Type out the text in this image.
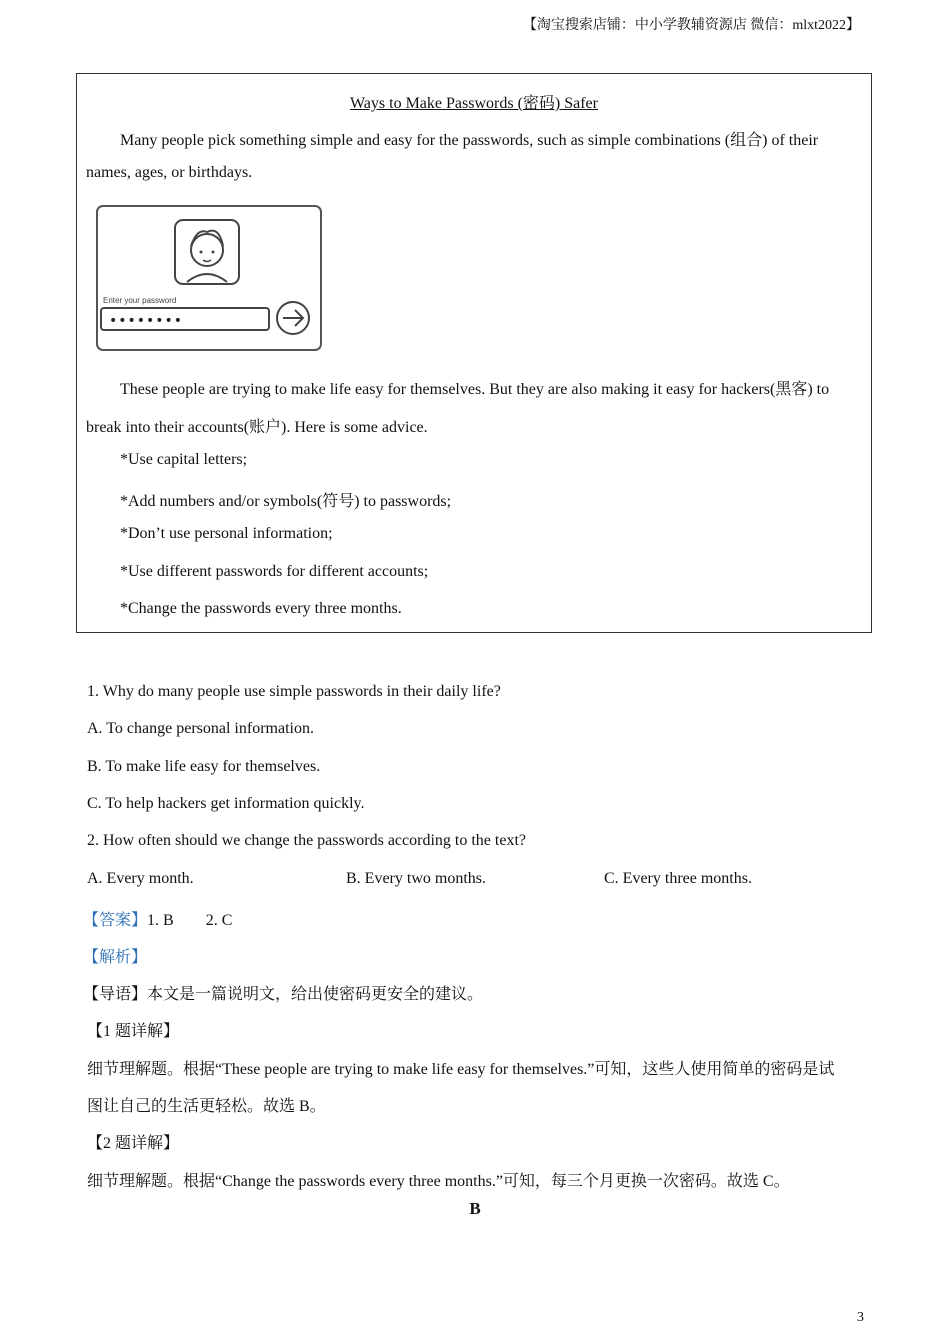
【淘宝搜索店铺：中小学教辅资源店 微信：mlxt2022】
Ways to Make Passwords (密码) Safer
Many people pick something simple and easy for the passwords, such as simple combinations (组合) of their
names, ages, or birthdays.
Enter your password
••••••••
These people are trying to make life easy for themselves. But they are also making it easy for hackers(黑客) to
break into their accounts(账户). Here is some advice.
*Use capital letters;
*Add numbers and/or symbols(符号) to passwords;
*Don’t use personal information;
*Use different passwords for different accounts;
*Change the passwords every three months.
1. Why do many people use simple passwords in their daily life?
A. To change personal information.
B. To make life easy for themselves.
C. To help hackers get information quickly.
2. How often should we change the passwords according to the text?
A. Every month.	B. Every two months.	C. Every three months.
【答案】1. B 2. C
【解析】
【导语】本文是一篇说明文，给出使密码更安全的建议。
【1 题详解】
细节理解题。根据“These people are trying to make life easy for themselves.”可知，这些人使用简单的密码是试
图让自己的生活更轻松。故选 B。
【2 题详解】
细节理解题。根据“Change the passwords every three months.”可知，每三个月更换一次密码。故选 C。
B
3
